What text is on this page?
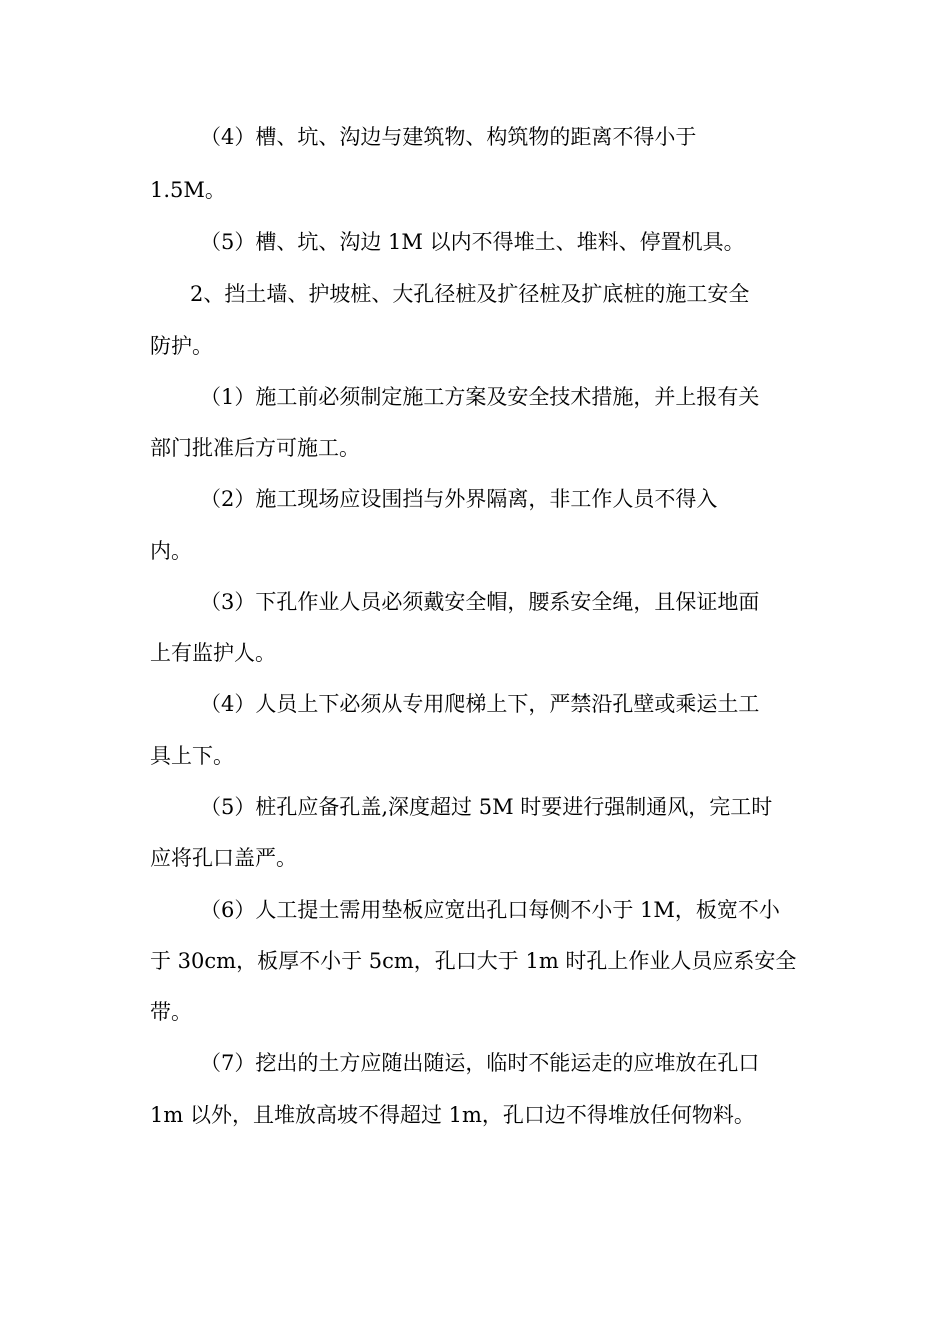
（4）槽、坑、沟边与建筑物、构筑物的距离不得小于
1.5M。
（5）槽、坑、沟边 1M 以内不得堆土、堆料、停置机具。
2、挡土墙、护坡桩、大孔径桩及扩径桩及扩底桩的施工安全
防护。
（1）施工前必须制定施工方案及安全技术措施，并上报有关
部门批准后方可施工。
（2）施工现场应设围挡与外界隔离，非工作人员不得入
内。
（3）下孔作业人员必须戴安全帽，腰系安全绳，且保证地面
上有监护人。
（4）人员上下必须从专用爬梯上下，严禁沿孔壁或乘运土工
具上下。
（5）桩孔应备孔盖,深度超过 5M 时要进行强制通风，完工时
应将孔口盖严。
（6）人工提土需用垫板应宽出孔口每侧不小于 1M，板宽不小
于 30cm，板厚不小于 5cm，孔口大于 1m 时孔上作业人员应系安全
带。
（7）挖出的土方应随出随运，临时不能运走的应堆放在孔口
1m 以外，且堆放高坡不得超过 1m，孔口边不得堆放任何物料。
